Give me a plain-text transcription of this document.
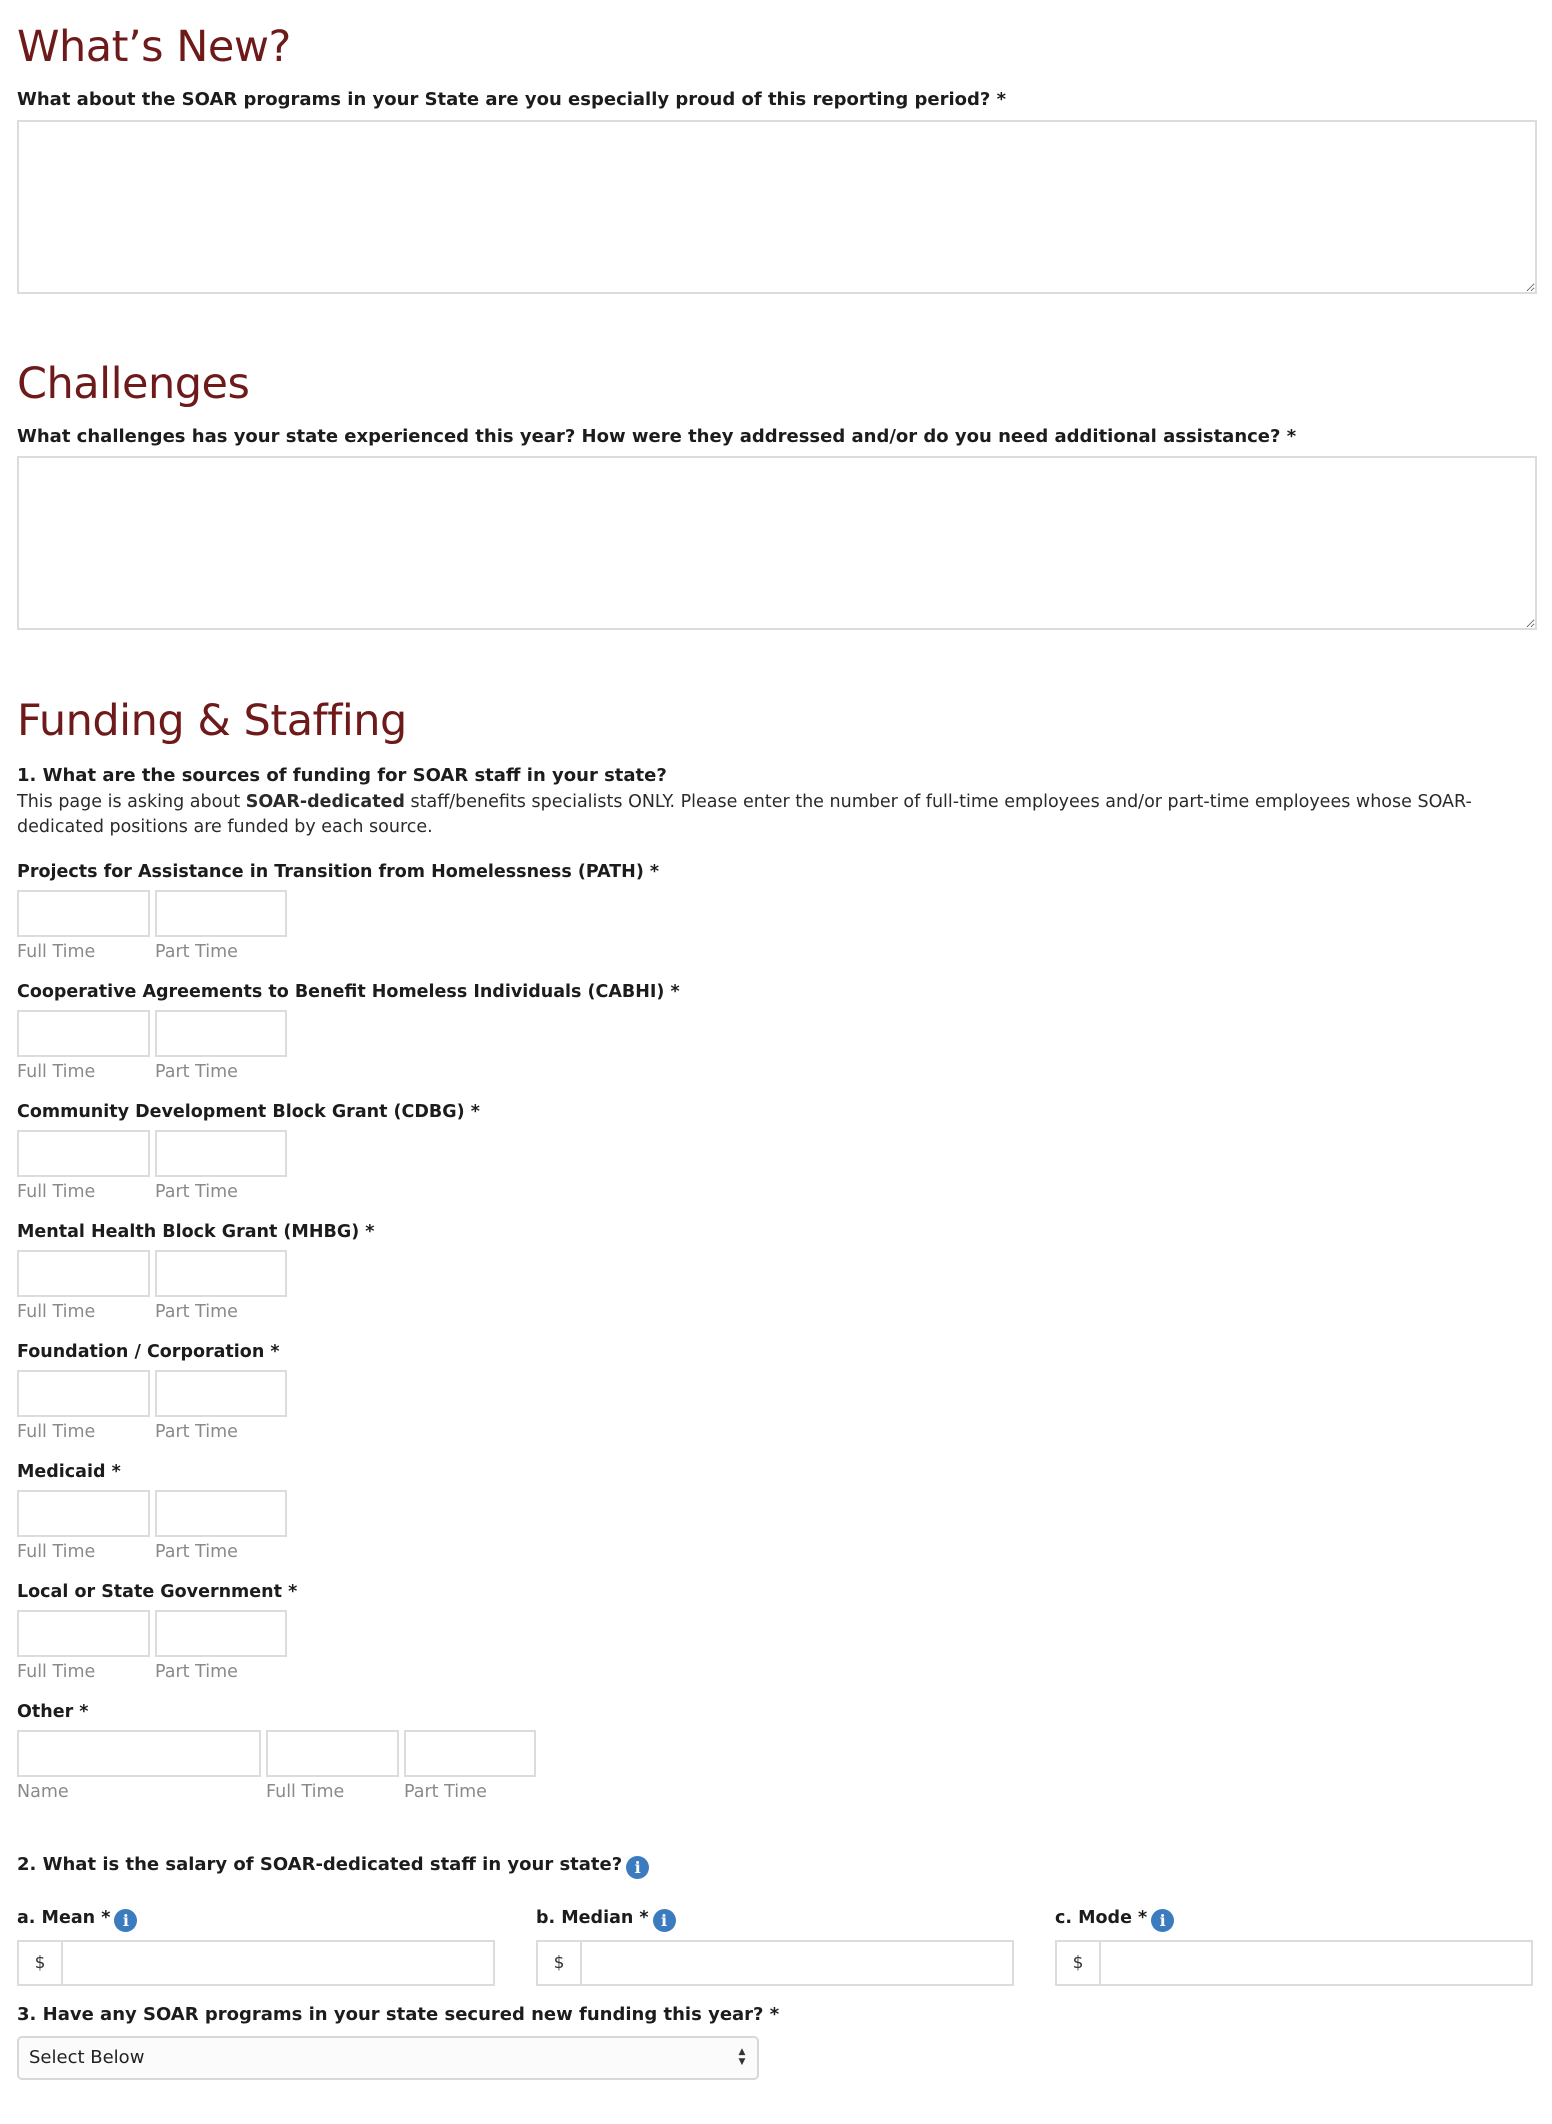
What’s New?
What about the SOAR programs in your State are you especially proud of this reporting period? *
Challenges
What challenges has your state experienced this year? How were they addressed and/or do you need additional assistance? *
Funding & Staffing
1. What are the sources of funding for SOAR staff in your state?
This page is asking about SOAR-dedicated staff/benefits specialists ONLY. Please enter the number of full-time employees and/or part-time employees whose SOAR-dedicated positions are funded by each source.
Projects for Assistance in Transition from Homelessness (PATH) *
Full Time	Part Time
Cooperative Agreements to Benefit Homeless Individuals (CABHI) *
Full Time	Part Time
Community Development Block Grant (CDBG) *
Full Time	Part Time
Mental Health Block Grant (MHBG) *
Full Time	Part Time
Foundation / Corporation *
Full Time	Part Time
Medicaid *
Full Time	Part Time
Local or State Government *
Full Time	Part Time
Other *
Name	Full Time	Part Time
2. What is the salary of SOAR-dedicated staff in your state? i
a. Mean * i	b. Median * i	c. Mode * i
$	$	$
3. Have any SOAR programs in your state secured new funding this year? *
Select Below	▲
▼
